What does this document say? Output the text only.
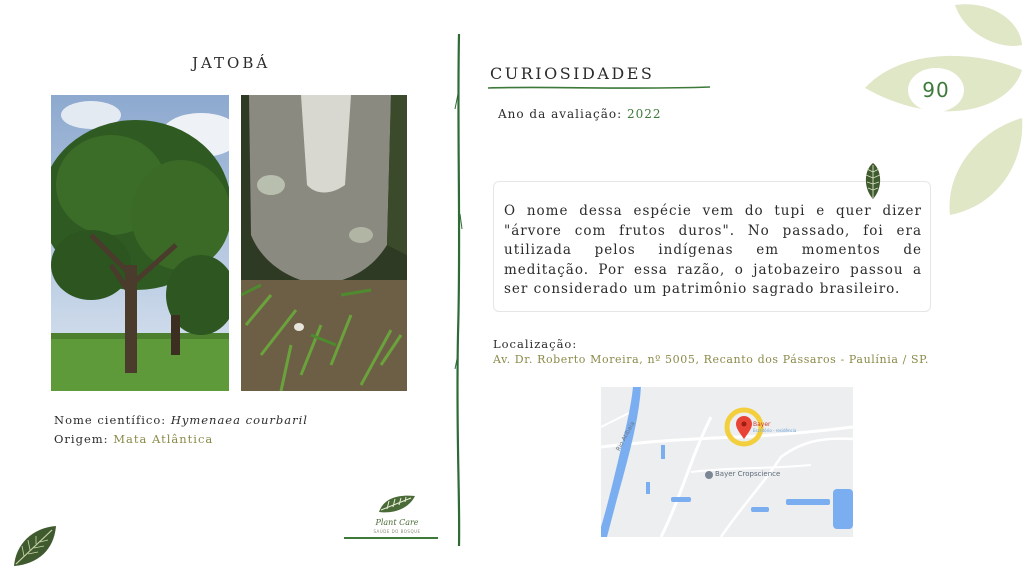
90
JATOBÁ
Nome científico: Hymenaea courbaril
Origem: Mata Atlântica
Plant Care
SAÚDE DO BOSQUE
CURIOSIDADES
Ano da avaliação: 2022
O nome dessa espécie vem do tupi e quer dizer "árvore com frutos duros". No passado, foi era utilizada pelos indígenas em momentos de meditação. Por essa razão, o jatobazeiro passou a ser considerado um patrimônio sagrado brasileiro.
Localização:
Av. Dr. Roberto Moreira, nº 5005, Recanto dos Pássaros - Paulínia / SP.
Rio Atibaia
Bayer Cropscience
Bayer
Escritório - residência
